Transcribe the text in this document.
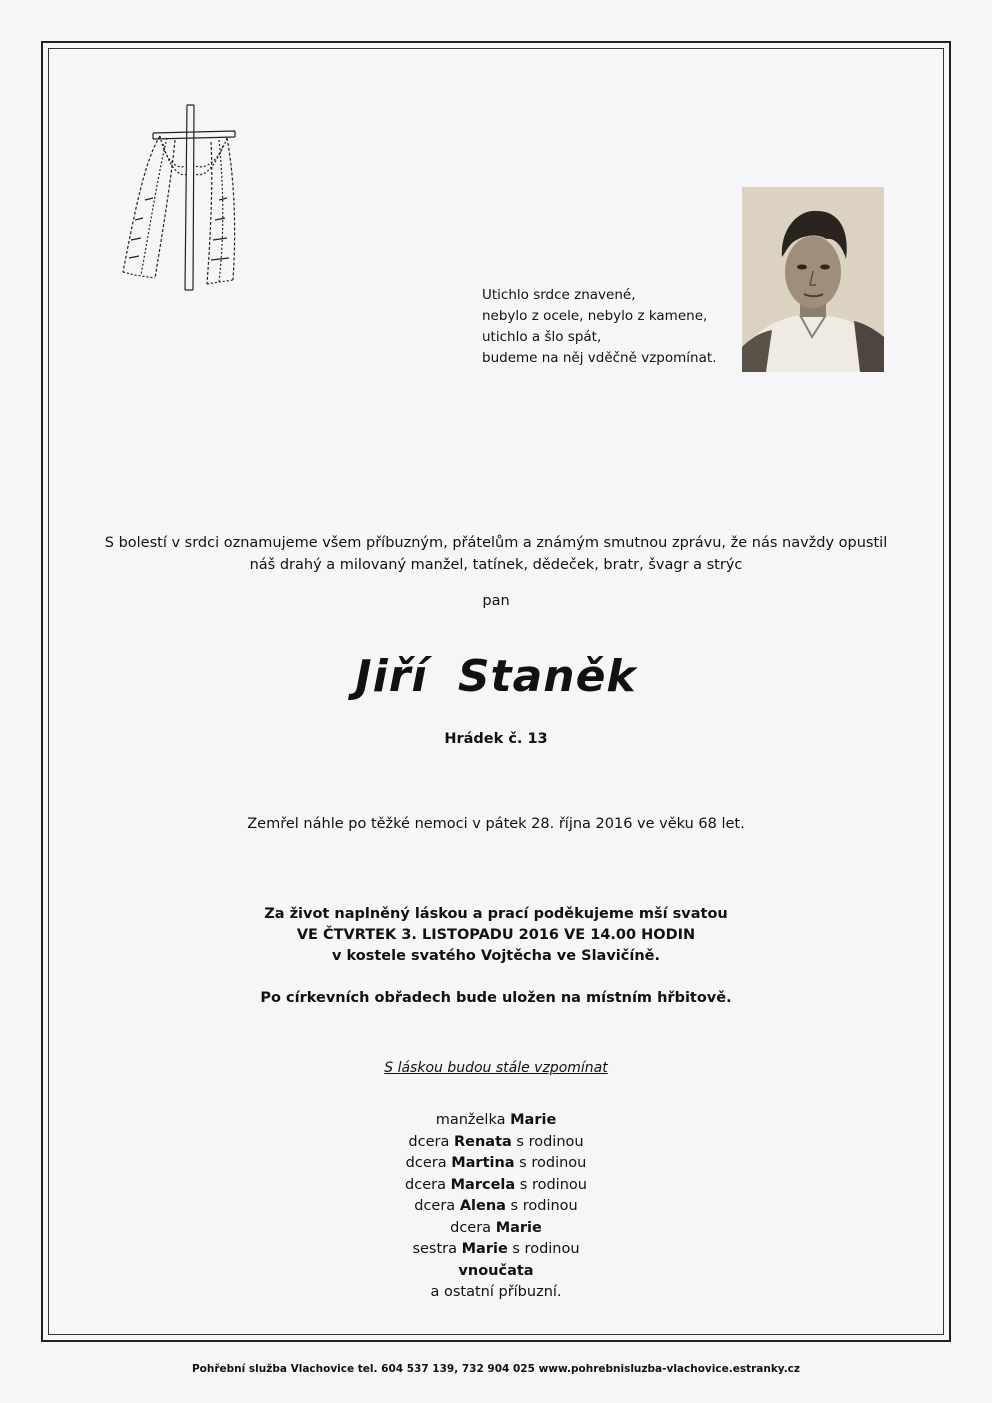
Utichlo srdce znavené,
nebylo z ocele, nebylo z kamene,
utichlo a šlo spát,
budeme na něj vděčně vzpomínat.
S bolestí v srdci oznamujeme všem příbuzným, přátelům a známým smutnou zprávu, že nás navždy opustil
náš drahý a milovaný manžel, tatínek, dědeček, bratr, švagr a strýc
pan
Jiří Staněk
Hrádek č. 13
Zemřel náhle po těžké nemoci v pátek 28. října 2016 ve věku 68 let.
Za život naplněný láskou a prací poděkujeme mší svatou
VE ČTVRTEK 3. LISTOPADU 2016 VE 14.00 HODIN
v kostele svatého Vojtěcha ve Slavičíně.
Po církevních obřadech bude uložen na místním hřbitově.
S láskou budou stále vzpomínat
manželka Marie
dcera Renata s rodinou
dcera Martina s rodinou
dcera Marcela s rodinou
dcera Alena s rodinou
dcera Marie
sestra Marie s rodinou
vnoučata
a ostatní příbuzní.
Pohřební služba Vlachovice tel. 604 537 139, 732 904 025 www.pohrebnisluzba-vlachovice.estranky.cz
